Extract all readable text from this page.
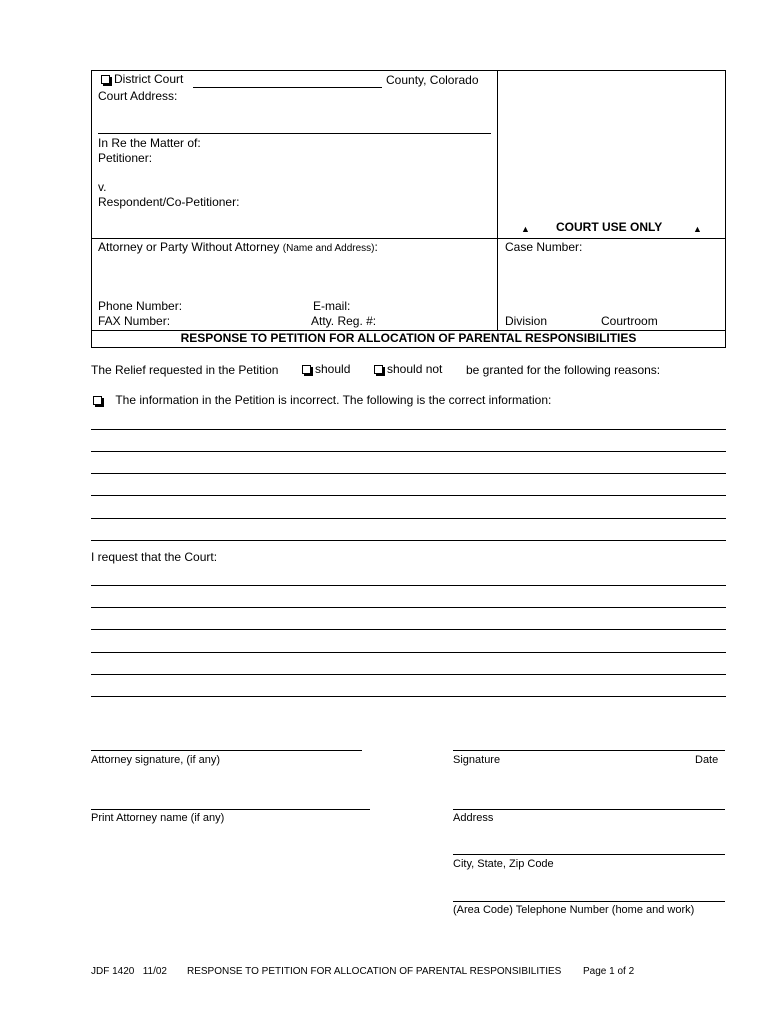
District Court	County, Colorado
Court Address:
In Re the Matter of:
Petitioner:
v.
Respondent/Co-Petitioner:
▲ COURT USE ONLY	▲
Attorney or Party Without Attorney (Name and Address):	Case Number:
Phone Number:	E-mail:
FAX Number:	Atty. Reg. #:	Division	Courtroom
RESPONSE TO PETITION FOR ALLOCATION OF PARENTAL RESPONSIBILITIES
The Relief requested in the Petition	should	should not be granted for the following reasons:
The information in the Petition is incorrect. The following is the correct information:
I request that the Court:
Attorney signature, (if any)	Signature	Date
Print Attorney name (if any)	Address
City, State, Zip Code
(Area Code) Telephone Number (home and work)
JDF 1420   11/02 RESPONSE TO PETITION FOR ALLOCATION OF PARENTAL RESPONSIBILITIES Page 1 of 2
